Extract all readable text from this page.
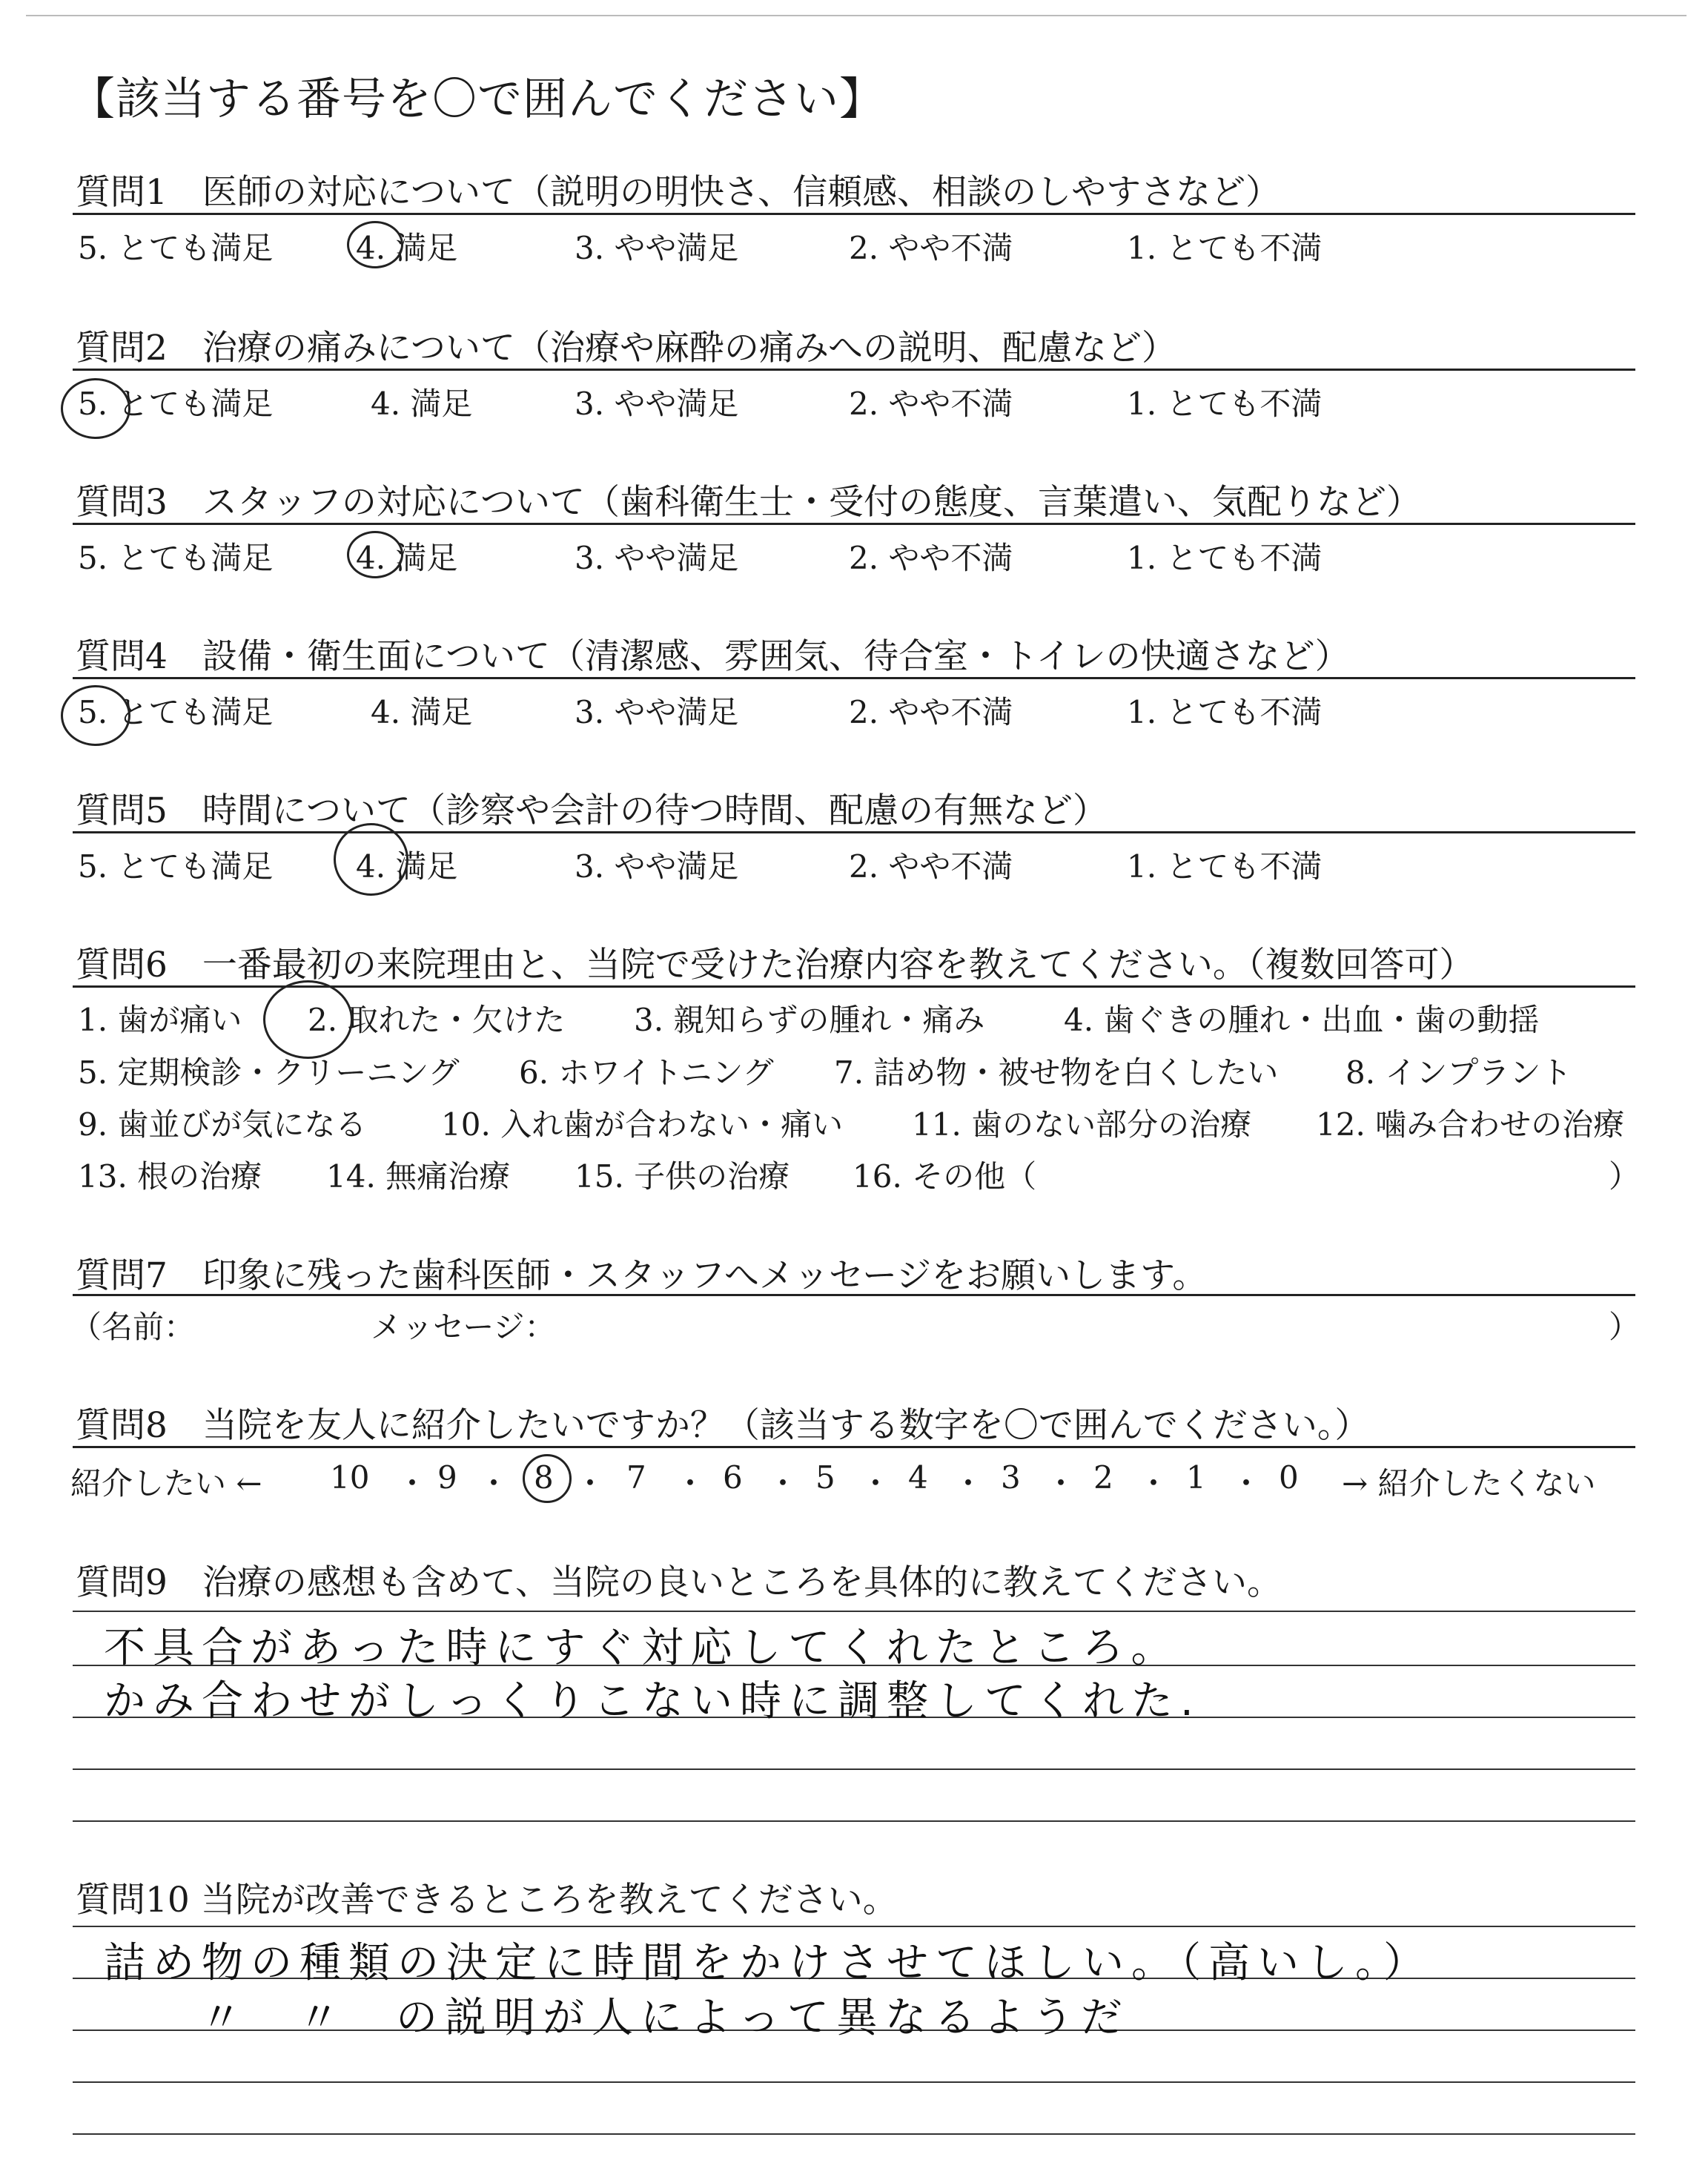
【該当する番号を〇で囲んでください】
質問1　医師の対応について（説明の明快さ、信頼感、相談のしやすさなど）
5. とても満足	4. 満足	3. やや満足	2. やや不満	1. とても不満
質問2　治療の痛みについて（治療や麻酔の痛みへの説明、配慮など）
5. とても満足	4. 満足	3. やや満足	2. やや不満	1. とても不満
質問3　スタッフの対応について（歯科衛生士・受付の態度、言葉遣い、気配りなど）
5. とても満足	4. 満足	3. やや満足	2. やや不満	1. とても不満
質問4　設備・衛生面について（清潔感、雰囲気、待合室・トイレの快適さなど）
5. とても満足	4. 満足	3. やや満足	2. やや不満	1. とても不満
質問5　時間について（診察や会計の待つ時間、配慮の有無など）
5. とても満足	4. 満足	3. やや満足	2. やや不満	1. とても不満
質問6　一番最初の来院理由と、当院で受けた治療内容を教えてください。（複数回答可）
1. 歯が痛い 2. 取れた・欠けた 3. 親知らずの腫れ・痛み	4. 歯ぐきの腫れ・出血・歯の動揺
5. 定期検診・クリーニング 6. ホワイトニング 7. 詰め物・被せ物を白くしたい 8. インプラント
9. 歯並びが気になる 10. 入れ歯が合わない・痛い 11. 歯のない部分の治療 12. 噛み合わせの治療
13. 根の治療 14. 無痛治療 15. 子供の治療 16. その他（	）
質問7　印象に残った歯科医師・スタッフへメッセージをお願いします。
（名前：	メッセージ：	）
質問8　当院を友人に紹介したいですか？（該当する数字を〇で囲んでください。）
紹介したい ← 10 ・ 9 ・ 8 ・ 7 ・ 6 ・ 5 ・ 4 ・ 3 ・ 2 ・ 1 ・ 0 → 紹介したくない
質問9　治療の感想も含めて、当院の良いところを具体的に教えてください。
不具合があった時にすぐ対応してくれたところ。
かみ合わせがしっくりこない時に調整してくれた.
質問10 当院が改善できるところを教えてください。
詰め物の種類の決定に時間をかけさせてほしい。（高いし。）
〃　〃　の説明が人によって異なるようだ
